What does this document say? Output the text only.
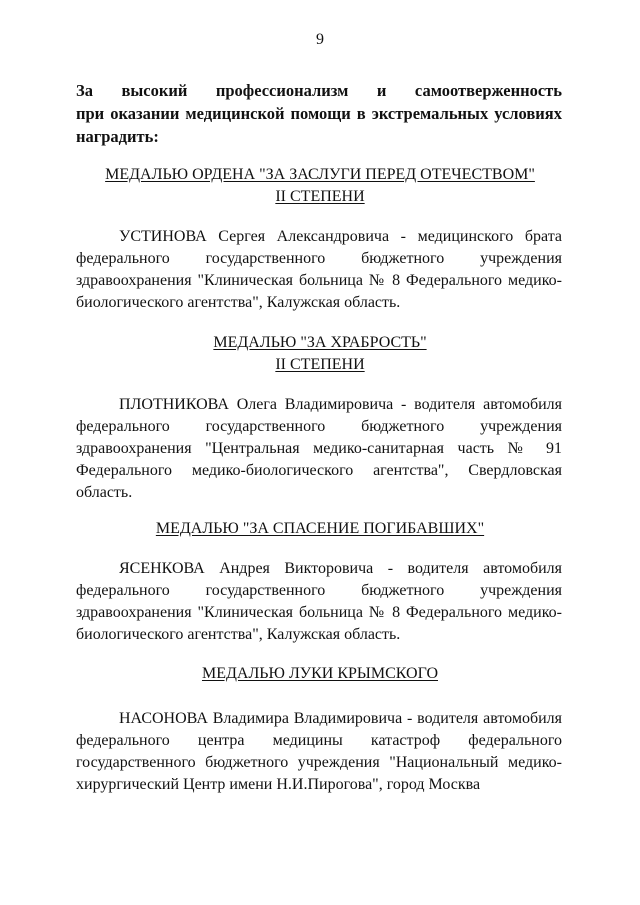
9
За высокий профессионализм и самоотверженность
при оказании медицинской помощи в экстремальных условиях
наградить:
МЕДАЛЬЮ ОРДЕНА "ЗА ЗАСЛУГИ ПЕРЕД ОТЕЧЕСТВОМ"
II СТЕПЕНИ
УСТИНОВА Сергея Александровича - медицинского брата
федерального государственного бюджетного учреждения
здравоохранения "Клиническая больница № 8 Федерального медико-
биологического агентства", Калужская область.
МЕДАЛЬЮ "ЗА ХРАБРОСТЬ"
II СТЕПЕНИ
ПЛОТНИКОВА Олега Владимировича - водителя автомобиля
федерального государственного бюджетного учреждения
здравоохранения "Центральная медико-санитарная часть № 91
Федерального медико-биологического агентства", Свердловская
область.
МЕДАЛЬЮ "ЗА СПАСЕНИЕ ПОГИБАВШИХ"
ЯСЕНКОВА Андрея Викторовича - водителя автомобиля
федерального государственного бюджетного учреждения
здравоохранения "Клиническая больница № 8 Федерального медико-
биологического агентства", Калужская область.
МЕДАЛЬЮ ЛУКИ КРЫМСКОГО
НАСОНОВА Владимира Владимировича - водителя автомобиля
федерального центра медицины катастроф федерального
государственного бюджетного учреждения "Национальный медико-
хирургический Центр имени Н.И.Пирогова", город Москва
